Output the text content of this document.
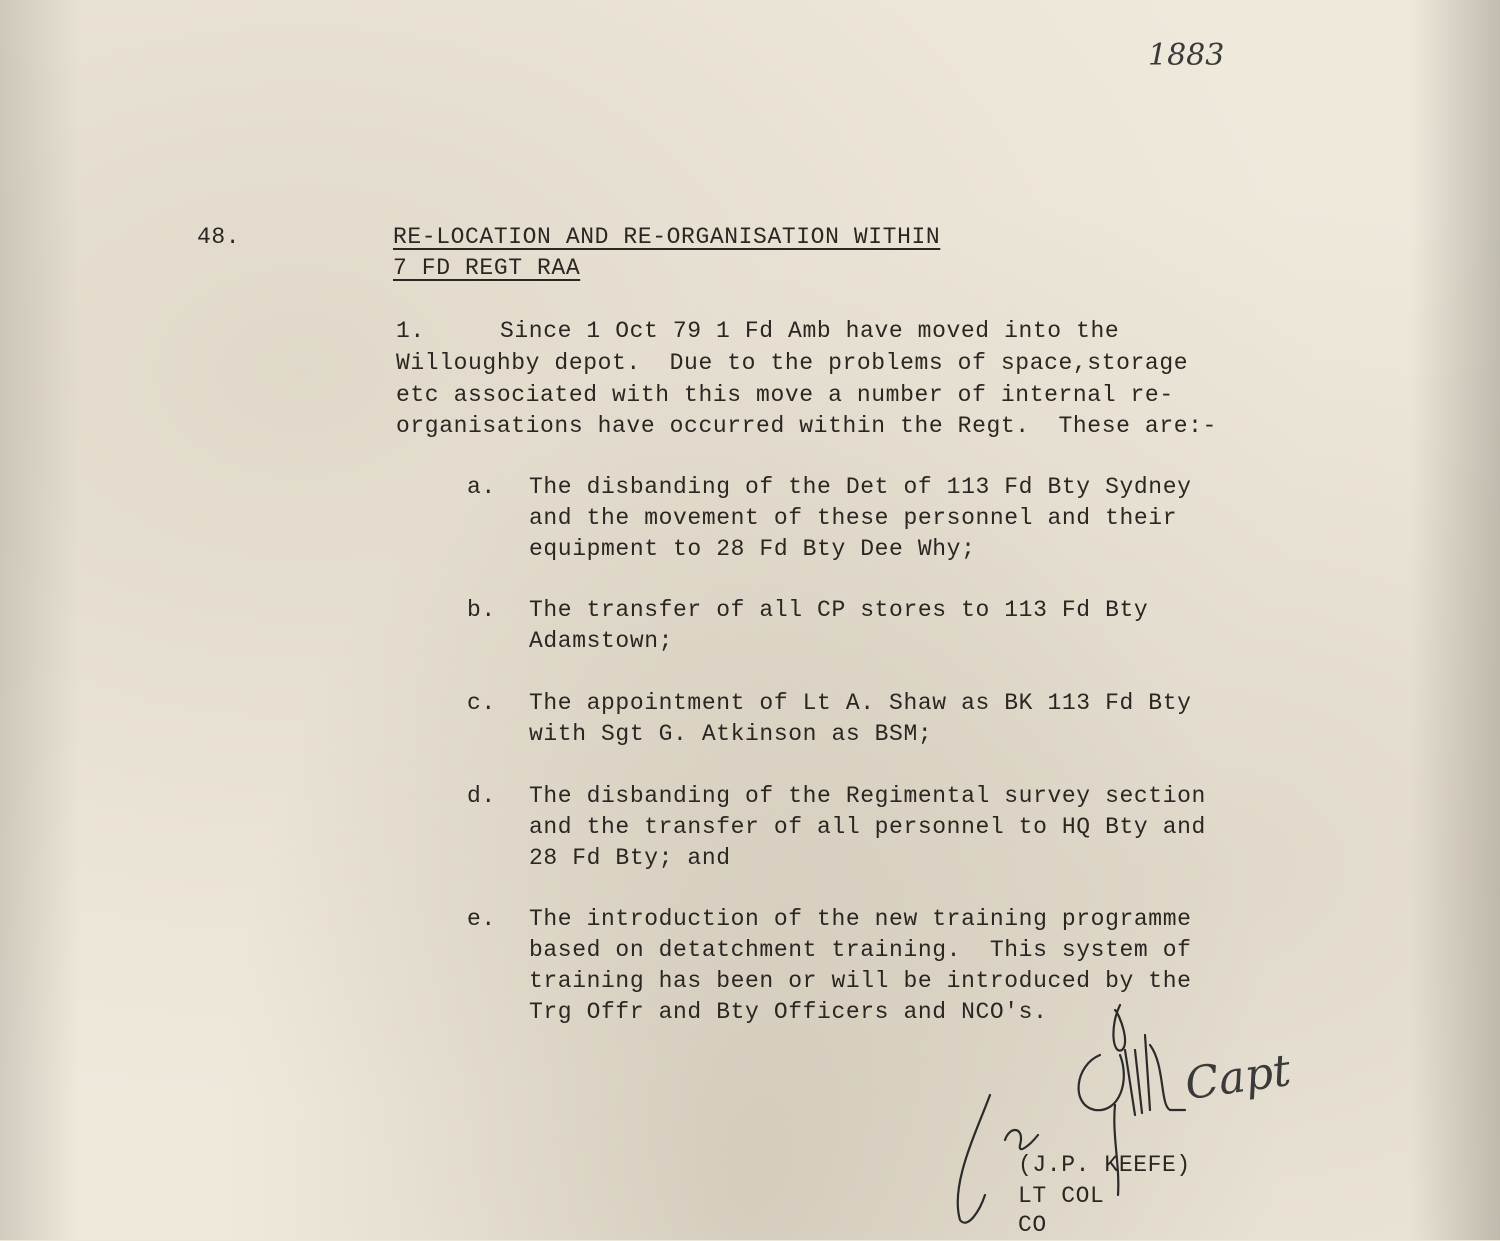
1883
48.	RE-LOCATION AND RE-ORGANISATION WITHIN
7 FD REGT RAA
1.	Since 1 Oct 79 1 Fd Amb have moved into the
Willoughby depot.  Due to the problems of space,storage
etc associated with this move a number of internal re-
organisations have occurred within the Regt.  These are:-
a. The disbanding of the Det of 113 Fd Bty Sydney
and the movement of these personnel and their
equipment to 28 Fd Bty Dee Why;
b. The transfer of all CP stores to 113 Fd Bty
Adamstown;
c. The appointment of Lt A. Shaw as BK 113 Fd Bty
with Sgt G. Atkinson as BSM;
d. The disbanding of the Regimental survey section
and the transfer of all personnel to HQ Bty and
28 Fd Bty; and
e. The introduction of the new training programme
based on detatchment training.  This system of
training has been or will be introduced by the
Trg Offr and Bty Officers and NCO's.
Capt
(J.P. KEEFE)
LT COL
CO
